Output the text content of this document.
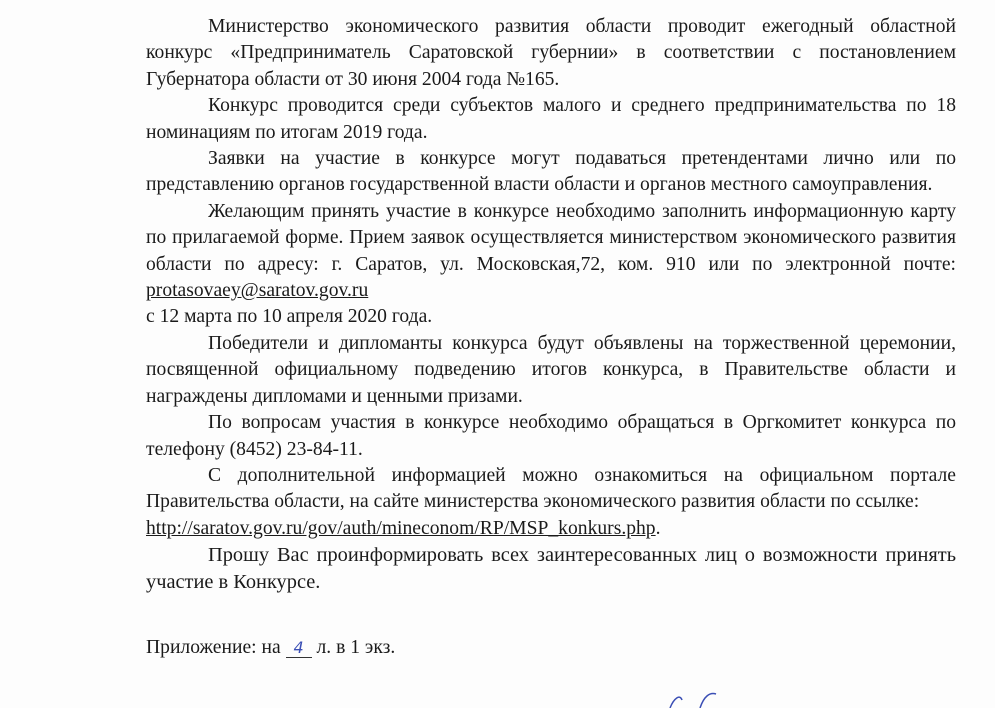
Министерство экономического развития области проводит ежегодный областной конкурс «Предприниматель Саратовской губернии» в соответствии с постановлением Губернатора области от 30 июня 2004 года №165.

Конкурс проводится среди субъектов малого и среднего предпринимательства по 18 номинациям по итогам 2019 года.

Заявки на участие в конкурсе могут подаваться претендентами лично или по представлению органов государственной власти области и органов местного самоуправления.

Желающим принять участие в конкурсе необходимо заполнить информационную карту по прилагаемой форме. Прием заявок осуществляется министерством экономического развития области по адресу: г. Саратов, ул. Московская,72, ком. 910 или по электронной почте: protasovaey@saratov.gov.ru
с 12 марта по 10 апреля 2020 года.

Победители и дипломанты конкурса будут объявлены на торжественной церемонии, посвященной официальному подведению итогов конкурса, в Правительстве области и награждены дипломами и ценными призами.

По вопросам участия в конкурсе необходимо обращаться в Оргкомитет конкурса по телефону (8452) 23-84-11.

С дополнительной информацией можно ознакомиться на официальном портале Правительства области, на сайте министерства экономического развития области по ссылке:
http://saratov.gov.ru/gov/auth/mineconom/RP/MSP_konkurs.php.

Прошу Вас проинформировать всех заинтересованных лиц о возможности принять участие в Конкурсе.

Приложение: на 4 л. в 1 экз.
